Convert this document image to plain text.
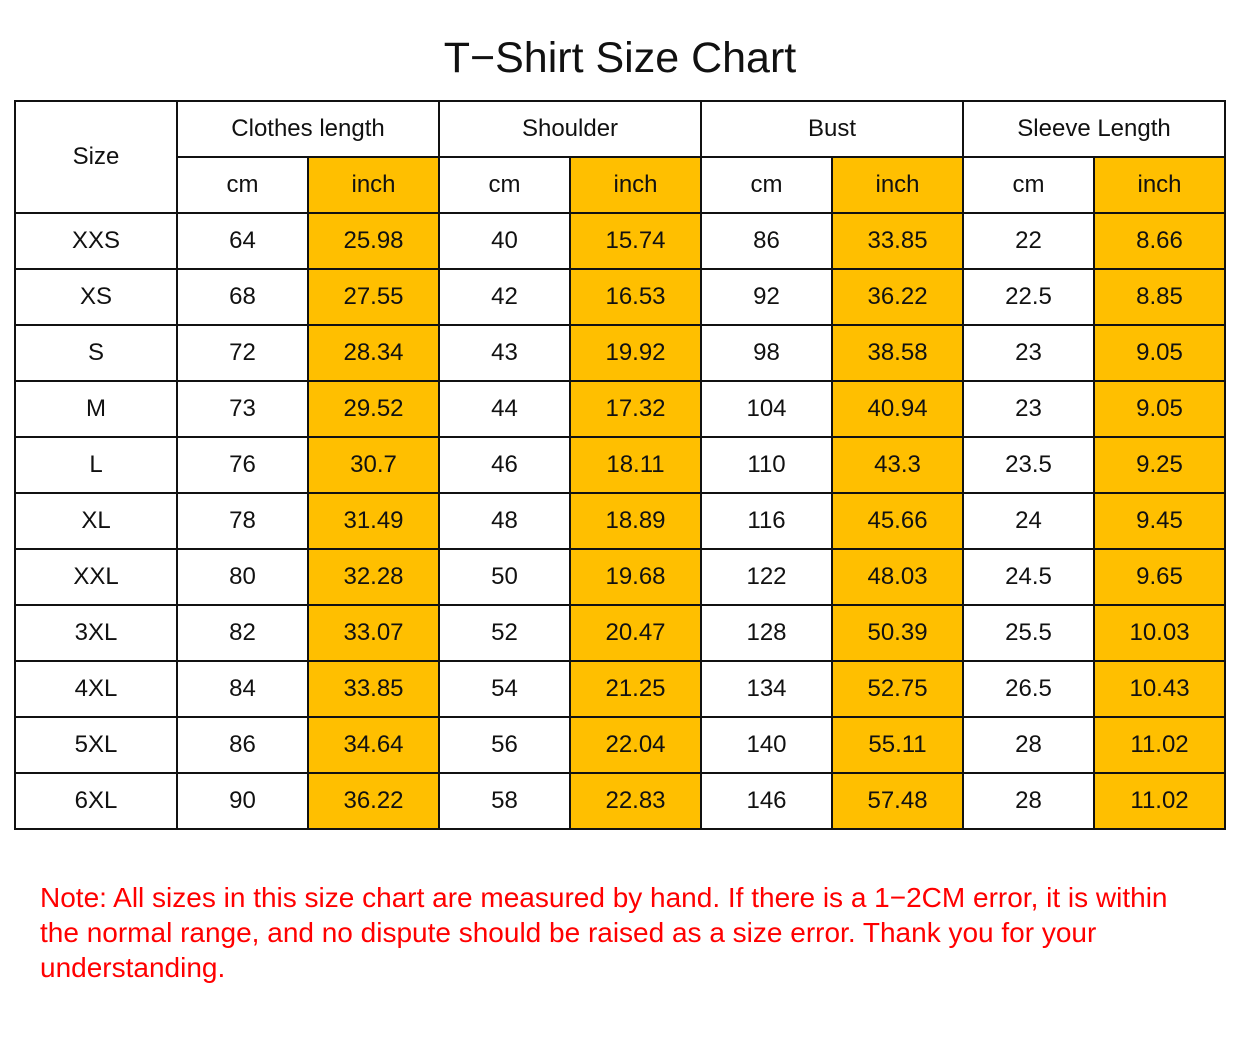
T−Shirt Size Chart
Size	Clothes length		Shoulder		Bust		Sleeve Length	
	cm	inch	cm	inch	cm	inch	cm	inch
XXS	64	25.98	40	15.74	86	33.85	22	8.66
XS	68	27.55	42	16.53	92	36.22	22.5	8.85
S	72	28.34	43	19.92	98	38.58	23	9.05
M	73	29.52	44	17.32	104	40.94	23	9.05
L	76	30.7	46	18.11	110	43.3	23.5	9.25
XL	78	31.49	48	18.89	116	45.66	24	9.45
XXL	80	32.28	50	19.68	122	48.03	24.5	9.65
3XL	82	33.07	52	20.47	128	50.39	25.5	10.03
4XL	84	33.85	54	21.25	134	52.75	26.5	10.43
5XL	86	34.64	56	22.04	140	55.11	28	11.02
6XL	90	36.22	58	22.83	146	57.48	28	11.02
Note: All sizes in this size chart are measured by hand. If there is a 1−2CM error, it is within the normal range, and no dispute should be raised as a size error. Thank you for your understanding.
